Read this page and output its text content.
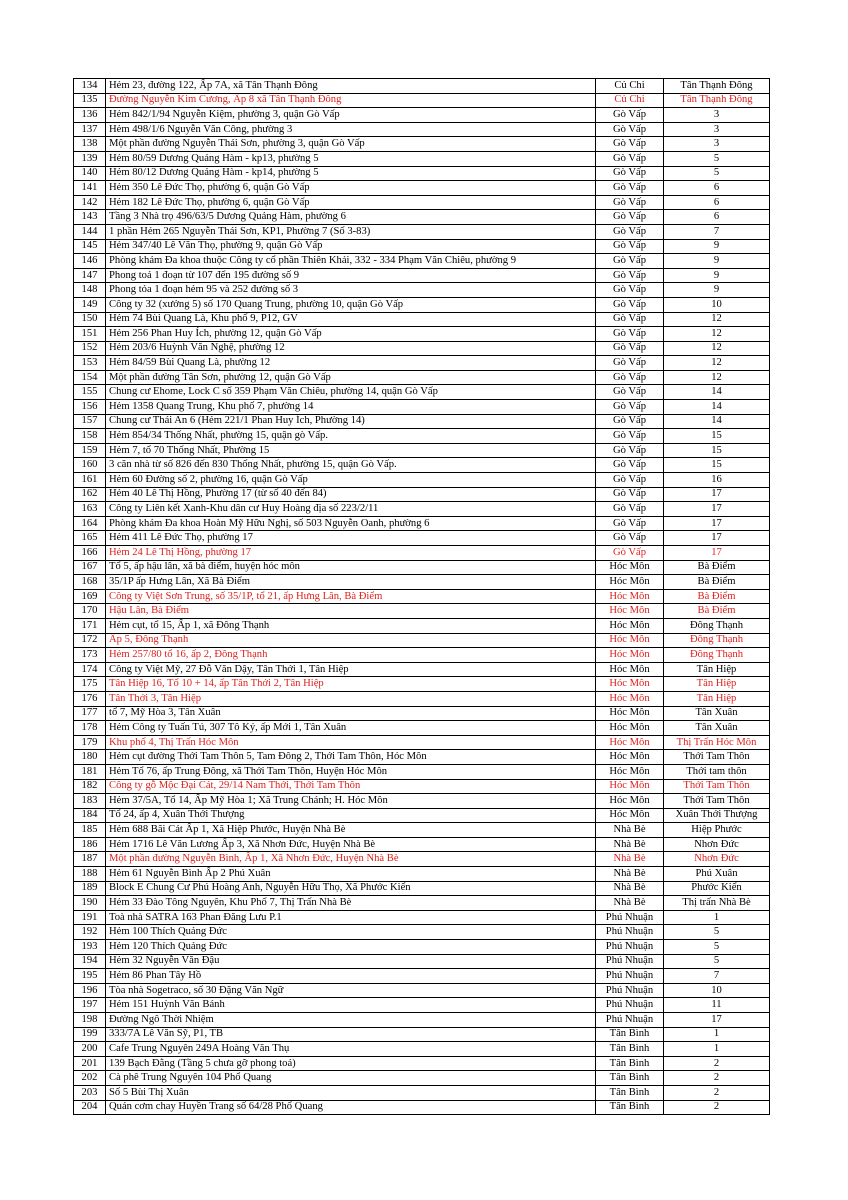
134	Hẻm 23, đường 122, Ấp 7A, xã Tân Thạnh Đông	Củ Chi	Tân Thạnh Đông
135	Đường Nguyễn Kim Cương, Ấp 8 xã Tân Thạnh Đông	Củ Chi	Tân Thạnh Đông
136	Hẻm 842/1/94 Nguyễn Kiệm, phường 3, quận Gò Vấp	Gò Vấp	3
137	Hẻm 498/1/6 Nguyễn Văn Công, phường 3	Gò Vấp	3
138	Một phần đường Nguyễn Thái Sơn, phường 3, quận Gò Vấp	Gò Vấp	3
139	Hẻm 80/59 Dương Quảng Hàm - kp13, phường 5	Gò Vấp	5
140	Hẻm 80/12 Dương Quảng Hàm - kp14, phường 5	Gò Vấp	5
141	Hẻm 350 Lê Đức Thọ, phường 6, quận Gò Vấp	Gò Vấp	6
142	Hẻm 182 Lê Đức Thọ, phường 6, quận Gò Vấp	Gò Vấp	6
143	Tầng 3 Nhà trọ 496/63/5 Dương Quảng Hàm, phường 6	Gò Vấp	6
144	1 phần Hẻm 265 Nguyễn Thái Sơn, KP1, Phường 7 (Số 3-83)	Gò Vấp	7
145	Hẻm 347/40 Lê Văn Thọ, phường 9, quận Gò Vấp	Gò Vấp	9
146	Phòng khám Đa khoa thuộc Công ty cổ phần Thiên Khải, 332 - 334 Phạm Văn Chiêu, phường 9	Gò Vấp	9
147	Phong toả 1 đoạn từ 107 đến 195 đường số 9	Gò Vấp	9
148	Phong tỏa 1 đoạn hẻm 95 và 252 đường số 3	Gò Vấp	9
149	Công ty 32 (xưởng 5) số 170 Quang Trung, phường 10, quận Gò Vấp	Gò Vấp	10
150	Hẻm 74 Bùi Quang Là, Khu phố 9, P12, GV	Gò Vấp	12
151	Hẻm 256 Phan Huy Ích, phường 12, quận Gò Vấp	Gò Vấp	12
152	Hẻm 203/6 Huỳnh Văn Nghệ, phường 12	Gò Vấp	12
153	Hẻm 84/59 Bùi Quang Là, phường 12	Gò Vấp	12
154	Một phần đường Tân Sơn, phường 12, quận Gò Vấp	Gò Vấp	12
155	Chung cư Ehome, Lock C số 359 Phạm Văn Chiêu, phường 14, quận Gò Vấp	Gò Vấp	14
156	Hẻm 1358 Quang Trung, Khu phố 7, phường 14	Gò Vấp	14
157	Chung cư Thái An 6 (Hẻm 221/1 Phan Huy Ích, Phường 14)	Gò Vấp	14
158	Hẻm 854/34 Thống Nhất, phường 15, quận gò Vấp.	Gò Vấp	15
159	Hẻm 7, tổ 70 Thống Nhất, Phường 15	Gò Vấp	15
160	3 căn nhà từ số 826 đến 830 Thống Nhất, phường 15, quận Gò Vấp.	Gò Vấp	15
161	Hẻm 60 Đường số 2, phường 16, quận Gò Vấp	Gò Vấp	16
162	Hẻm 40 Lê Thị Hồng, Phường 17 (từ số 40 đến 84)	Gò Vấp	17
163	Công ty Liên kết Xanh-Khu dân cư Huy Hoàng địa số 223/2/11	Gò Vấp	17
164	Phòng khám Đa khoa Hoàn Mỹ Hữu Nghị, số 503 Nguyễn Oanh, phường 6	Gò Vấp	17
165	Hẻm 411 Lê Đức Thọ, phường 17	Gò Vấp	17
166	Hẻm 24 Lê Thị Hồng, phường 17	Gò Vấp	17
167	Tổ 5, ấp hậu lân, xã bà điểm, huyện hóc môn	Hóc Môn	Bà Điểm
168	35/1P ấp Hưng Lân, Xã Bà Điểm	Hóc Môn	Bà Điểm
169	Công ty Việt Sơn Trung, số 35/1P, tổ 21, ấp Hưng Lân, Bà Điểm	Hóc Môn	Bà Điểm
170	Hậu Lân, Bà Điểm	Hóc Môn	Bà Điểm
171	Hẻm cụt, tổ 15, Ấp 1, xã Đông Thạnh	Hóc Môn	Đông Thạnh
172	Ấp 5, Đông Thạnh	Hóc Môn	Đông Thạnh
173	Hẻm 257/80 tổ 16, ấp 2, Đông Thạnh	Hóc Môn	Đông Thạnh
174	Công ty Việt Mỹ, 27 Đỗ Văn Dậy, Tân Thới 1, Tân Hiệp	Hóc Môn	Tân Hiệp
175	Tân Hiệp 16, Tổ 10 + 14, ấp Tân Thới 2, Tân Hiệp	Hóc Môn	Tân Hiệp
176	Tân Thới 3, Tân Hiệp	Hóc Môn	Tân Hiệp
177	tổ 7, Mỹ Hòa 3, Tân Xuân	Hóc Môn	Tân Xuân
178	Hẻm Công ty Tuấn Tú, 307 Tô Ký, ấp Mới 1, Tân Xuân	Hóc Môn	Tân Xuân
179	Khu phố 4, Thị Trấn Hóc Môn	Hóc Môn	Thị Trấn Hóc Môn
180	Hẻm cụt đường Thới Tam Thôn 5, Tam Đông 2, Thới Tam Thôn, Hóc Môn	Hóc Môn	Thới Tam Thôn
181	Hẻm Tổ 76, ấp Trung Đông, xã Thới Tam Thôn, Huyện Hóc Môn	Hóc Môn	Thới tam thôn
182	Công ty gỗ Mộc Đại Cát, 29/14 Nam Thới, Thới Tam Thôn	Hóc Môn	Thới Tam Thôn
183	Hẻm 37/5A, Tổ 14, Ấp Mỹ Hòa 1; Xã Trung Chánh; H. Hóc Môn	Hóc Môn	Thới Tam Thôn
184	Tổ 24, ấp 4, Xuân Thới Thượng	Hóc Môn	Xuân Thới Thượng
185	Hẻm 688 Bãi Cát Ấp 1, Xã Hiệp Phước, Huyện Nhà Bè	Nhà Bè	Hiệp Phước
186	Hẻm 1716 Lê Văn Lương Ấp 3, Xã Nhơn Đức, Huyện Nhà Bè	Nhà Bè	Nhơn Đức
187	Một phần đường Nguyễn Bình, Ấp 1, Xã Nhơn Đức, Huyện Nhà Bè	Nhà Bè	Nhơn Đức
188	Hẻm 61 Nguyễn Bình Ấp 2 Phú Xuân	Nhà Bè	Phú Xuân
189	Block E Chung Cư Phú Hoàng Anh, Nguyễn Hữu Thọ, Xã Phước Kiển	Nhà Bè	Phước Kiển
190	Hẻm 33 Đào Tông Nguyên, Khu Phố 7, Thị Trấn Nhà Bè	Nhà Bè	Thị trấn Nhà Bè
191	Toà nhà SATRA 163 Phan Đăng Lưu P.1	Phú Nhuận	1
192	Hẻm 100 Thích Quảng Đức	Phú Nhuận	5
193	Hẻm 120 Thích Quảng Đức	Phú Nhuận	5
194	Hẻm 32 Nguyễn Văn Đậu	Phú Nhuận	5
195	Hẻm 86 Phan Tây Hồ	Phú Nhuận	7
196	Tòa nhà Sogetraco, số 30 Đặng Văn Ngữ	Phú Nhuận	10
197	Hẻm 151 Huỳnh Văn Bánh	Phú Nhuận	11
198	Đường Ngô Thời Nhiệm	Phú Nhuận	17
199	333/7A Lê Văn Sỹ, P1, TB	Tân Bình	1
200	Cafe Trung Nguyên 249A Hoàng Văn Thụ	Tân Bình	1
201	139 Bạch Đằng (Tầng 5 chưa gỡ phong toả)	Tân Bình	2
202	Cà phê Trung Nguyên 104 Phổ Quang	Tân Bình	2
203	Số 5 Bùi Thị Xuân	Tân Bình	2
204	Quán cơm chay Huyền Trang số 64/28 Phổ Quang	Tân Bình	2
